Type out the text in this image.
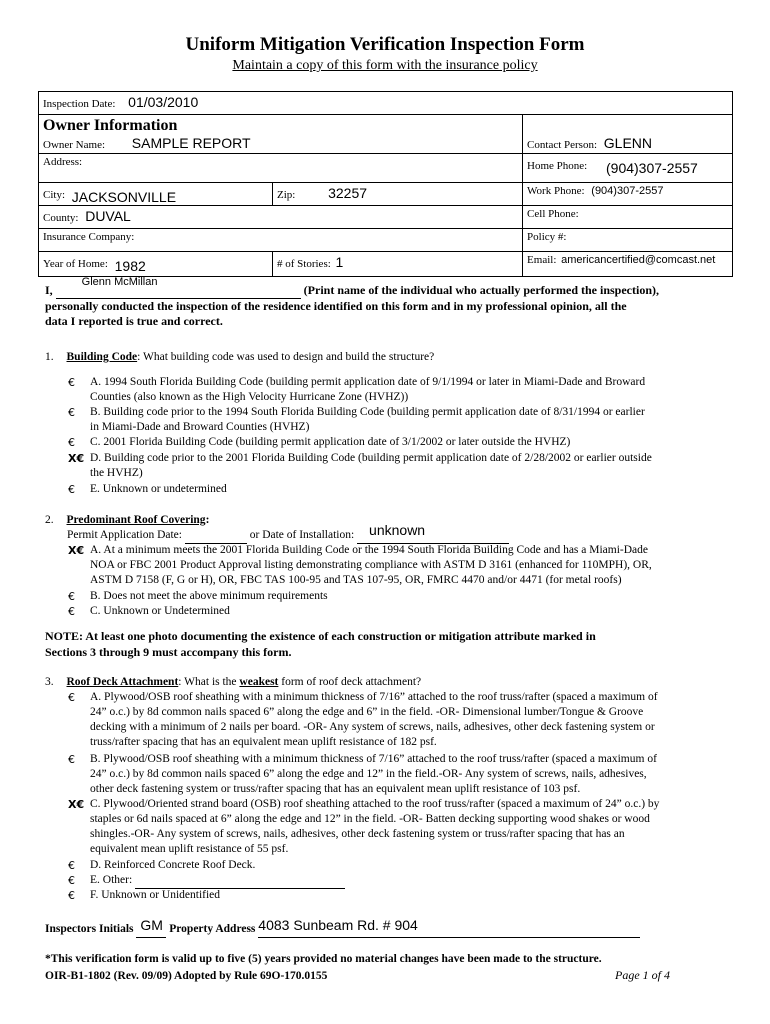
Uniform Mitigation Verification Inspection Form
Maintain a copy of this form with the insurance policy
Inspection Date: 01/03/2010		

Owner Information
Owner Name: SAMPLE REPORT		Contact Person: GLENN
Address:		Home Phone: (904)307-2557
City: JACKSONVILLE	Zip: 32257	Work Phone: (904)307-2557
County: DUVAL		Cell Phone:
Insurance Company:		Policy #:
Year of Home: 1982	# of Stories: 1	Email: americancertified@comcast.net
I,
Glenn McMillan
(Print name of the individual who actually performed the inspection),
personally conducted the inspection of the residence identified on this form and in my professional opinion, all the
data I reported is true and correct.
1. Building Code: What building code was used to design and build the structure?
€	A. 1994 South Florida Building Code (building permit application date of 9/1/1994 or later in Miami-Dade and Broward
Counties (also known as the High Velocity Hurricane Zone (HVHZ))
€	B. Building code prior to the 1994 South Florida Building Code (building permit application date of 8/31/1994 or earlier
in Miami-Dade and Broward Counties (HVHZ)
€	C. 2001 Florida Building Code (building permit application date of 3/1/2002 or later outside the HVHZ)
X€ D. Building code prior to the 2001 Florida Building Code (building permit application date of 2/28/2002 or earlier outside
the HVHZ)
€	E. Unknown or undetermined
2. Predominant Roof Covering:
Permit Application Date:	or Date of Installation: unknown

X€ A. At a minimum meets the 2001 Florida Building Code or the 1994 South Florida Building Code and has a Miami-Dade
NOA or FBC 2001 Product Approval listing demonstrating compliance with ASTM D 3161 (enhanced for 110MPH), OR,
ASTM D 7158 (F, G or H), OR, FBC TAS 100-95 and TAS 107-95, OR, FMRC 4470 and/or 4471 (for metal roofs)
€	B. Does not meet the above minimum requirements
€	C. Unknown or Undetermined
NOTE: At least one photo documenting the existence of each construction or mitigation attribute marked in
Sections 3 through 9 must accompany this form.
3. Roof Deck Attachment: What is the weakest form of roof deck attachment?
€	A. Plywood/OSB roof sheathing with a minimum thickness of 7/16” attached to the roof truss/rafter (spaced a maximum of
24” o.c.) by 8d common nails spaced 6” along the edge and 6” in the field. -OR- Dimensional lumber/Tongue & Groove
decking with a minimum of 2 nails per board. -OR- Any system of screws, nails, adhesives, other deck fastening system or
truss/rafter spacing that has an equivalent mean uplift resistance of 182 psf.
€	B. Plywood/OSB roof sheathing with a minimum thickness of 7/16” attached to the roof truss/rafter (spaced a maximum of
24” o.c.) by 8d common nails spaced 6” along the edge and 12” in the field.-OR- Any system of screws, nails, adhesives,
other deck fastening system or truss/rafter spacing that has an equivalent mean uplift resistance of 103 psf.
X€ C. Plywood/Oriented strand board (OSB) roof sheathing attached to the roof truss/rafter (spaced a maximum of 24” o.c.) by
staples or 6d nails spaced at 6” along the edge and 12” in the field. -OR- Batten decking supporting wood shakes or wood
shingles.-OR- Any system of screws, nails, adhesives, other deck fastening system or truss/rafter spacing that has an
equivalent mean uplift resistance of 55 psf.
€	D. Reinforced Concrete Roof Deck.
€	E. Other:
€	F. Unknown or Unidentified
Inspectors Initials GM Property Address 4083 Sunbeam Rd. # 904

*This verification form is valid up to five (5) years provided no material changes have been made to the structure.
OIR-B1-1802 (Rev. 09/09) Adopted by Rule 69O-170.0155	Page 1 of 4
